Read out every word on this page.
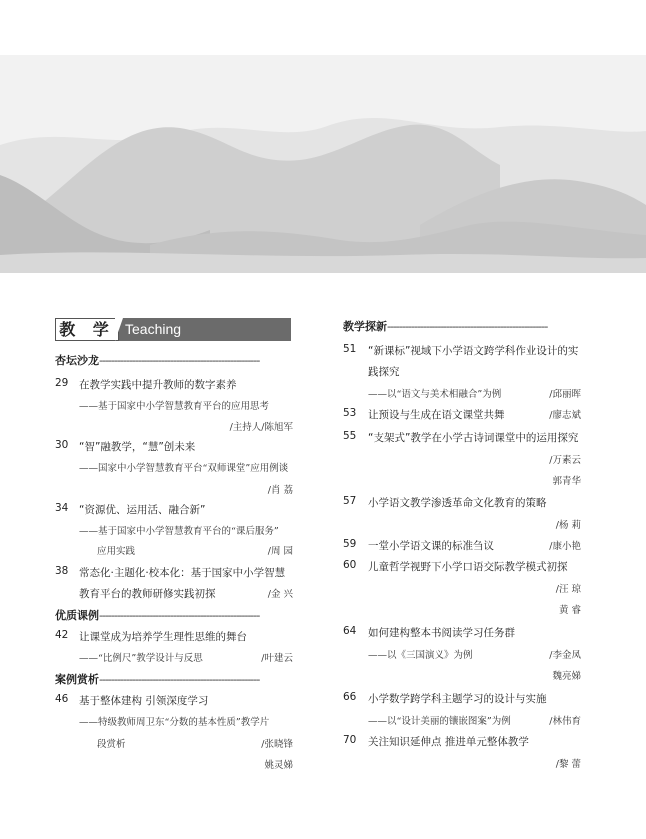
教 学 Teaching
杏坛沙龙------------------------------------------------------
29 在教学实践中提升教师的数字素养
——基于国家中小学智慧教育平台的应用思考
/主持人/陈旭军
30 “智”融教学，“慧”创未来
——国家中小学智慧教育平台“双师课堂”应用例谈
/肖 荔
34 “资源优、运用活、融合新”
——基于国家中小学智慧教育平台的“课后服务”
应用实践	/周 园
38 常态化·主题化·校本化：基于国家中小学智慧
教育平台的教师研修实践初探	/金 兴
优质课例------------------------------------------------------
42 让课堂成为培养学生理性思维的舞台
——“比例尺”教学设计与反思	/叶建云
案例赏析------------------------------------------------------
46 基于整体建构 引领深度学习
——特级教师周卫东“分数的基本性质”教学片
段赏析	/张晓锋
姚灵娣
教学探新------------------------------------------------------
51 “新课标”视域下小学语文跨学科作业设计的实
践探究
——以“语文与美术相融合”为例	/邱丽晖
53 让预设与生成在语文课堂共舞	/廖志斌
55 “支架式”教学在小学古诗词课堂中的运用探究
/万素云
郭青华
57 小学语文教学渗透革命文化教育的策略
/杨 莉
59 一堂小学语文课的标准刍议	/康小艳
60 儿童哲学视野下小学口语交际教学模式初探
/汪 琼
黄 睿
64 如何建构整本书阅读学习任务群
——以《三国演义》为例	/李金凤
魏亮娣
66 小学数学跨学科主题学习的设计与实施
——以“设计美丽的镶嵌图案”为例	/林伟育
70 关注知识延伸点 推进单元整体教学
/黎 蕾
